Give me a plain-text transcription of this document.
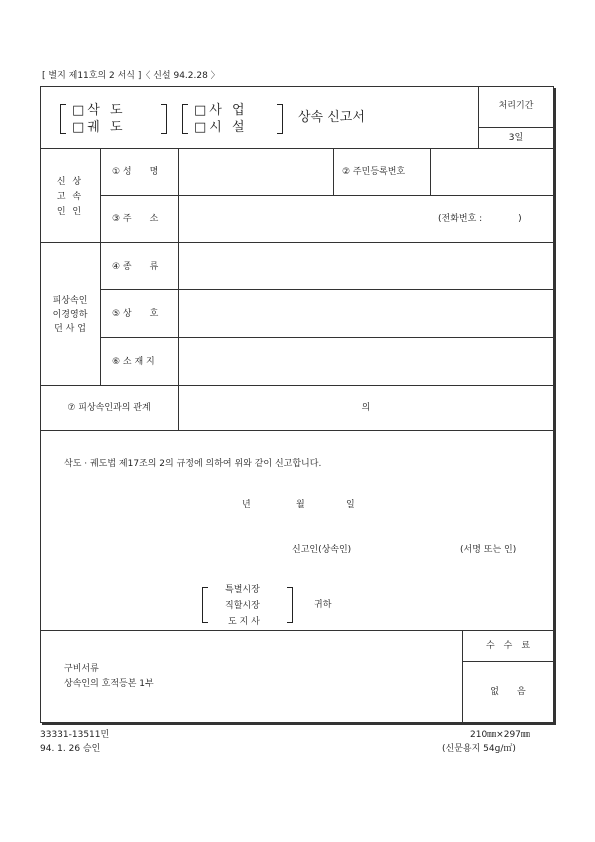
[ 별지 제11호의 2 서식 ]〈 신설 94.2.28 〉
□삭 도
□궤 도
□사 업
□시 설
상속 신고서
처리기간
3일
신 상
고 속
인 인
① 성　　명	② 주민등록번호
③ 주　　소	(전화번호 :　　　　)
피상속인
이경영하
던 사 업
④ 종　　류
⑤ 상　　호
⑥ 소 재 지
⑦ 피상속인과의 관계	의
삭도 · 궤도법 제17조의 2의 규정에 의하여 위와 같이 신고합니다.
년	월	일
신고인(상속인)	(서명 또는 인)
특별시장
직할시장
도 지 사
귀하
구비서류
상속인의 호적등본 1부
수　수　료
없　　음
33331-13511민
94. 1. 26 승인
210㎜×297㎜
(신문용지 54g/㎡)
